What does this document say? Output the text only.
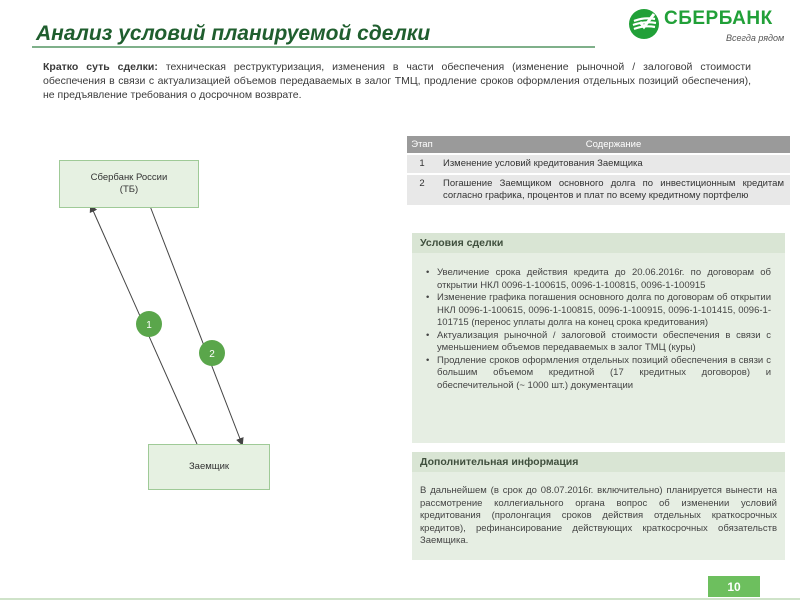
Анализ условий планируемой сделки
СБЕРБАНК
Всегда рядом
Кратко суть сделки: техническая реструктуризация, изменения в части обеспечения (изменение рыночной / залоговой стоимости обеспечения в связи с актуализацией объемов передаваемых в залог ТМЦ, продление сроков оформления отдельных позиций обеспечения), не предъявление требования о досрочном возврате.
1
2
Сбербанк России
(ТБ)
Заемщик
Этап	Содержание
1	Изменение условий кредитования Заемщика
2	Погашение Заемщиком основного долга по инвестиционным кредитам согласно графика, процентов и плат по всему кредитному портфелю
Условия сделки
• Увеличение срока действия кредита до 20.06.2016г. по договорам об открытии НКЛ 0096-1-100615, 0096-1-100815, 0096-1-100915
• Изменение графика погашения основного долга по договорам об открытии НКЛ 0096-1-100615, 0096-1-100815, 0096-1-100915, 0096-1-101415, 0096-1-101715 (перенос уплаты долга на конец срока кредитования)
• Актуализация рыночной / залоговой стоимости обеспечения в связи с уменьшением объемов передаваемых в залог ТМЦ (куры)
• Продление сроков оформления отдельных позиций обеспечения в связи с большим объемом кредитной (17 кредитных договоров) и обеспечительной (~ 1000 шт.) документации
Дополнительная информация
В дальнейшем (в срок до 08.07.2016г. включительно) планируется вынести на рассмотрение коллегиального органа вопрос об изменении условий кредитования (пролонгация сроков действия отдельных краткосрочных кредитов), рефинансирование действующих краткосрочных обязательств Заемщика.
10
